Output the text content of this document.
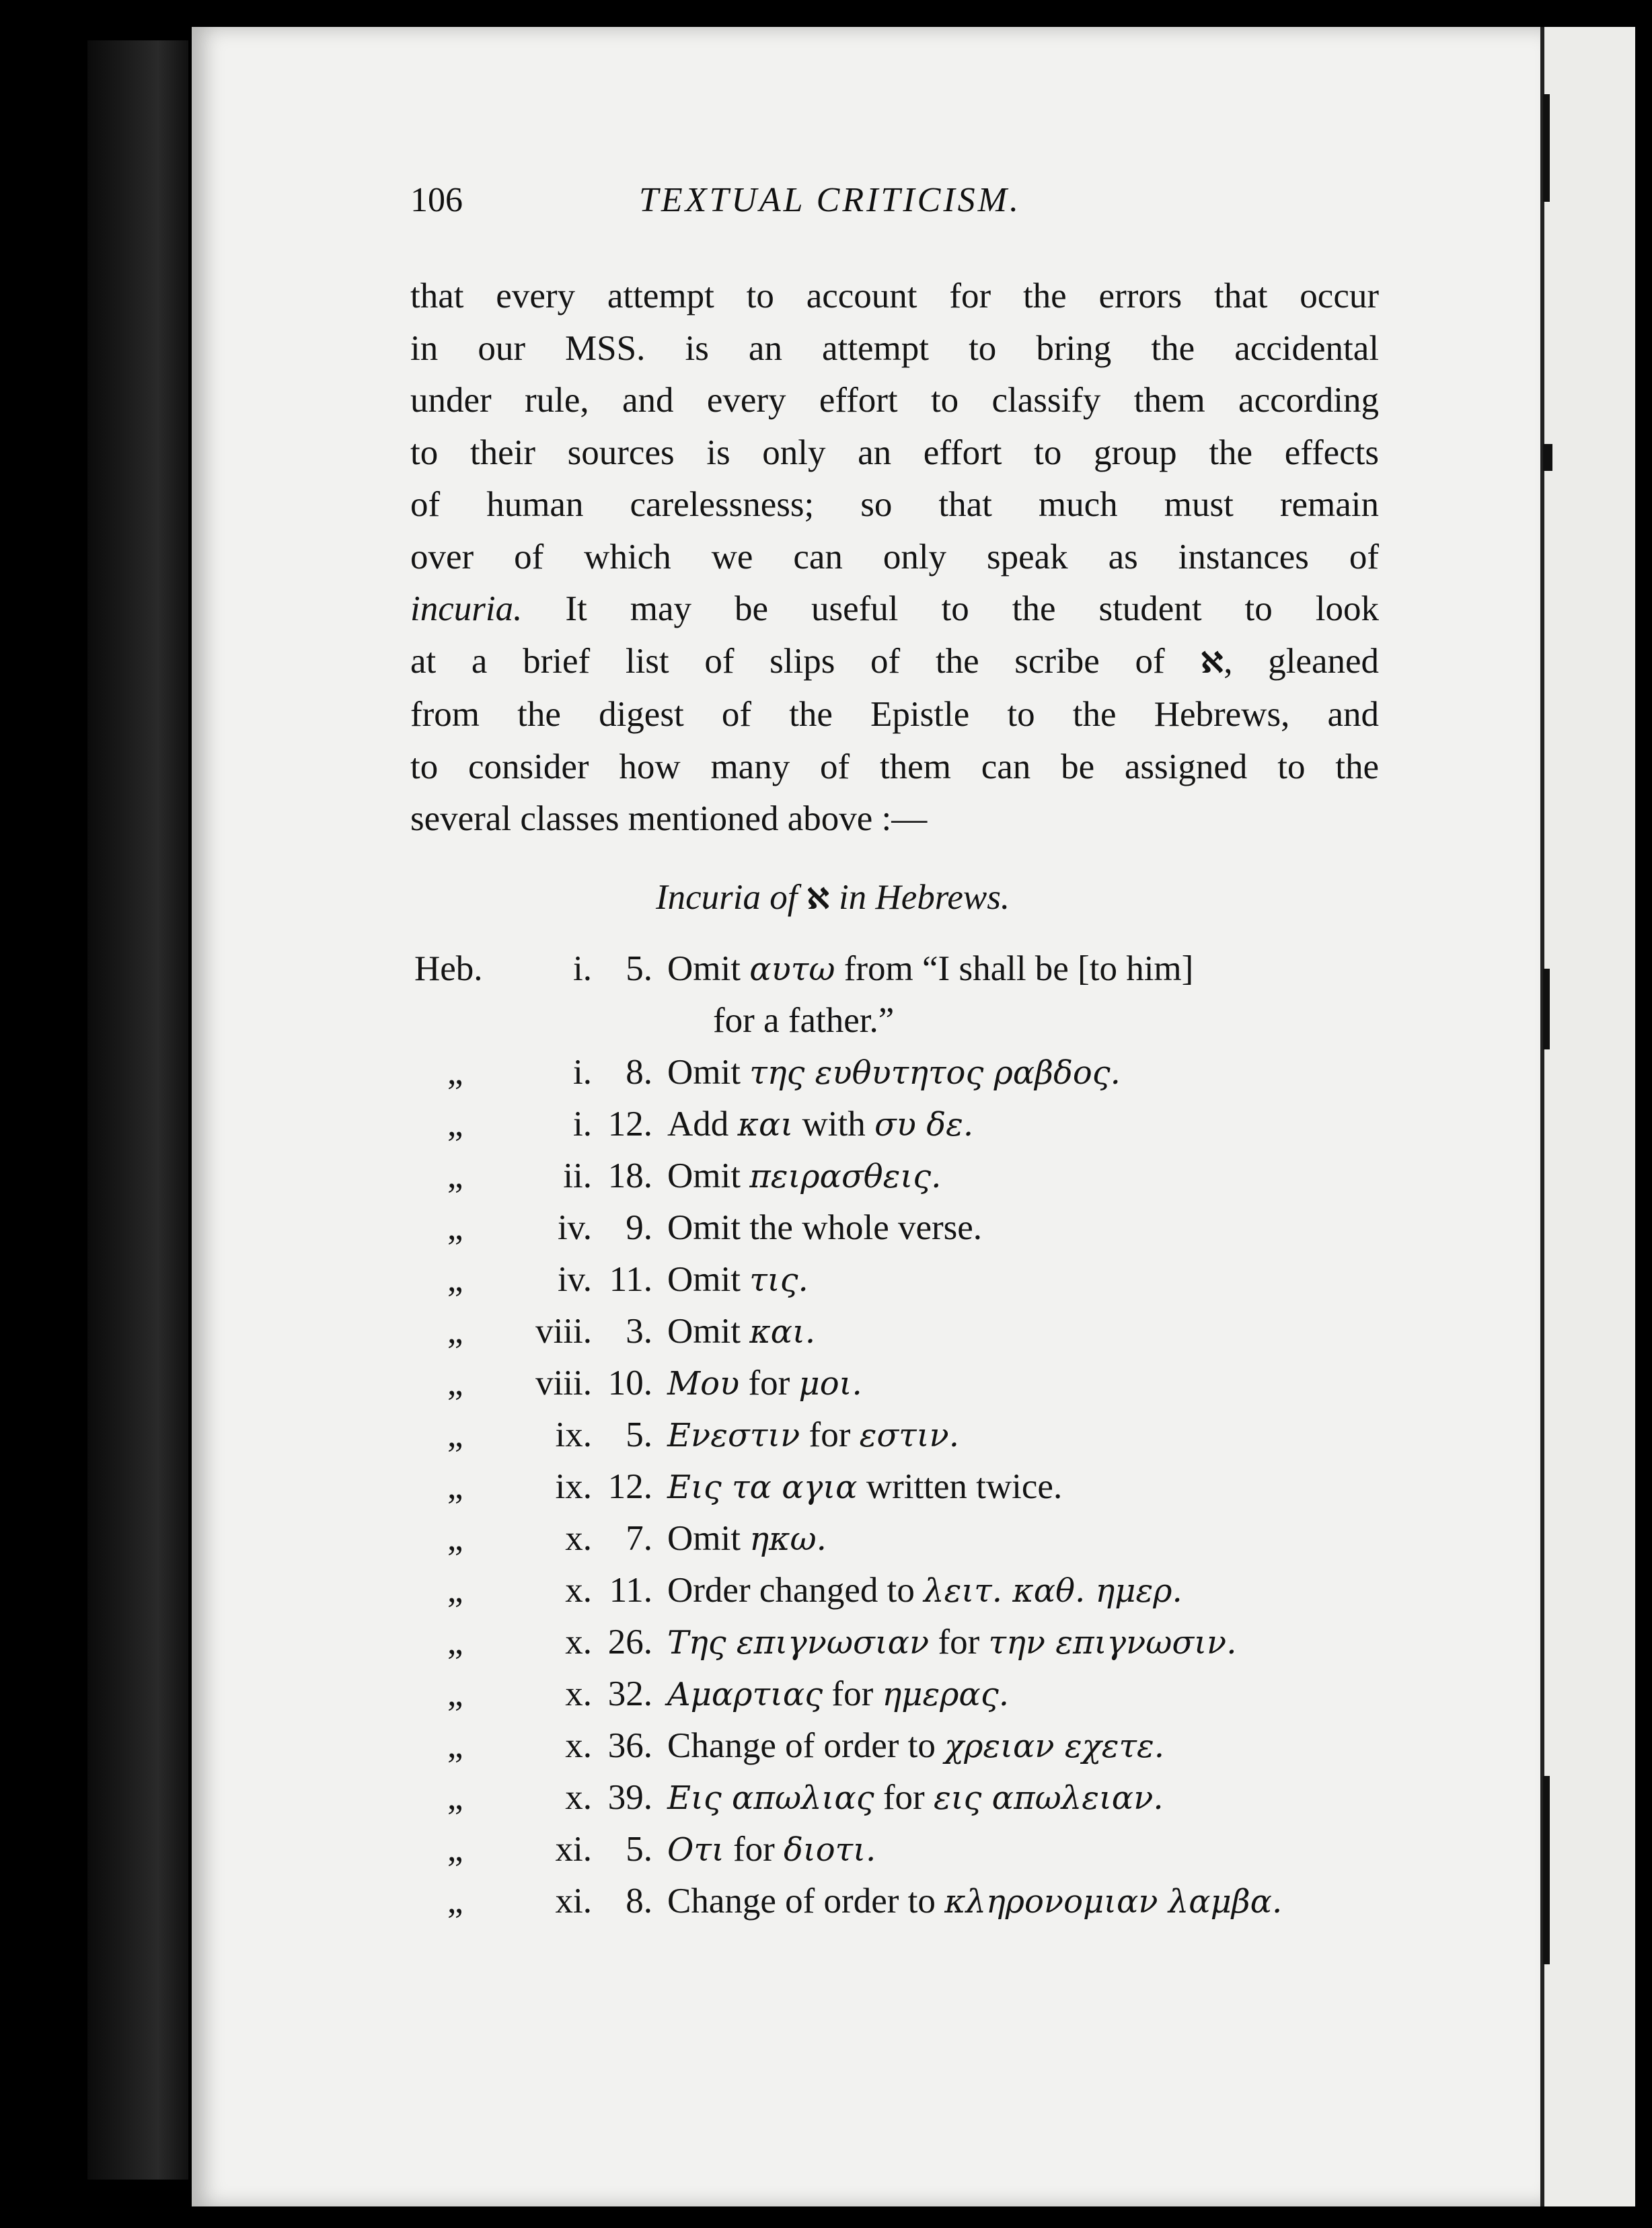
106	TEXTUAL CRITICISM.
that every attempt to account for the errors that occur
in our MSS. is an attempt to bring the accidental
under rule, and every effort to classify them according
to their sources is only an effort to group the effects
of human carelessness; so that much must remain
over of which we can only speak as instances of
incuria. It may be useful to the student to look
at a brief list of slips of the scribe of ℵ, gleaned
from the digest of the Epistle to the Hebrews, and
to consider how many of them can be assigned to the
several classes mentioned above :—
Incuria of ℵ in Hebrews.
Heb.	i. 5. Omit αυτω from “I shall be [to him]
for a father.”
„	i. 8. Omit της ευθυτητος ραβδος.
„	i. 12. Add και with συ δε.
„	ii. 18. Omit πειρασθεις.
„	iv. 9. Omit the whole verse.
„	iv. 11. Omit τις.
„ viii. 3. Omit και.
„ viii. 10. Μου for μοι.
„	ix. 5. Ενεστιν for εστιν.
„	ix. 12. Εις τα αγια written twice.
„	x. 7. Omit ηκω.
„	x. 11. Order changed to λειτ. καθ. ημερ.
„	x. 26. Της επιγνωσιαν for την επιγνωσιν.
„	x. 32. Αμαρτιας for ημερας.
„	x. 36. Change of order to χρειαν εχετε.
„	x. 39. Εις απωλιας for εις απωλειαν.
„	xi. 5. Οτι for διοτι.
„	xi. 8. Change of order to κληρονομιαν λαμβα.
